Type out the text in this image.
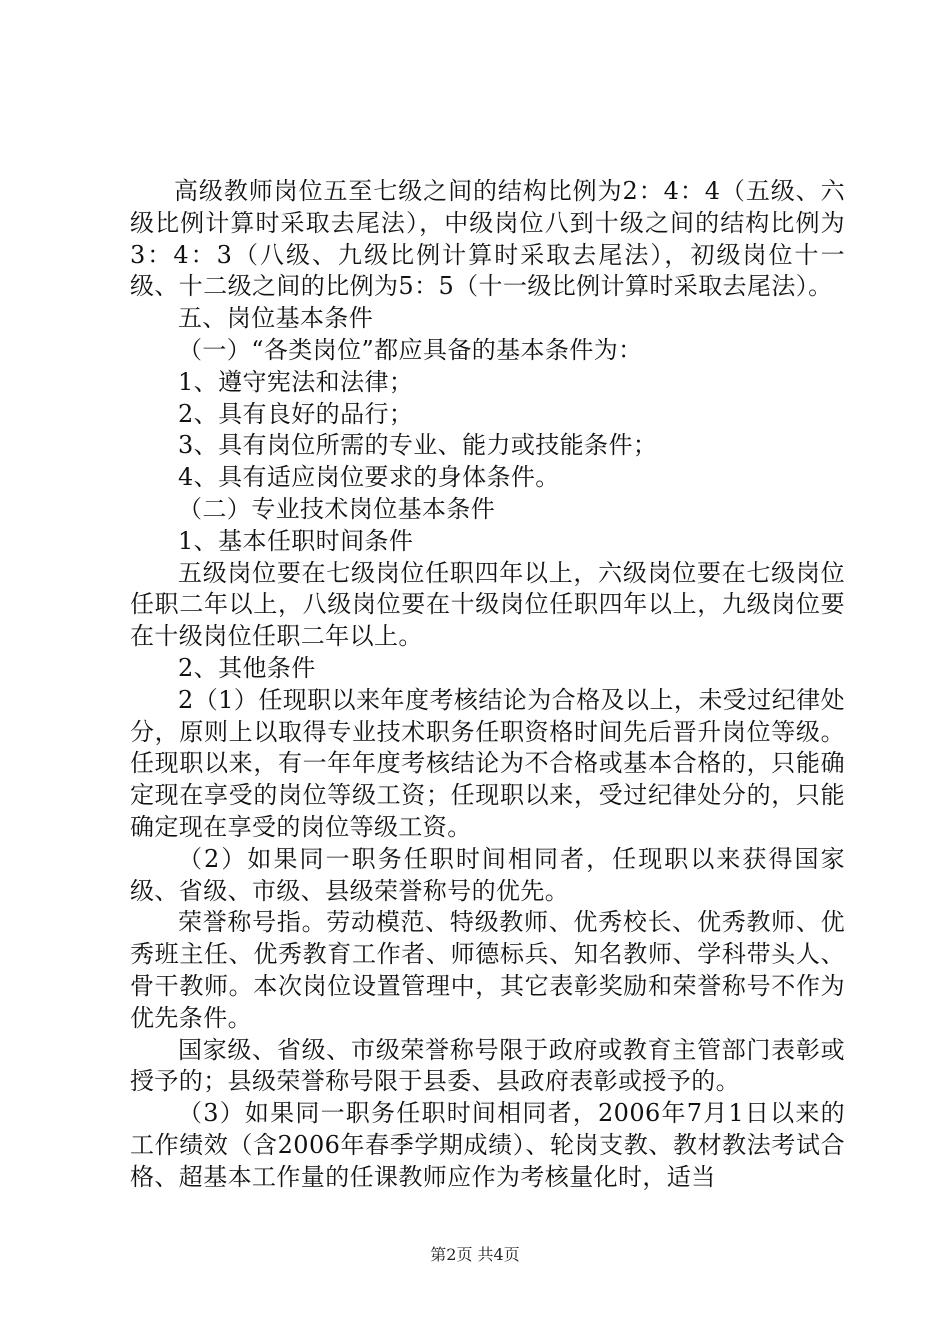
高级教师岗位五至七级之间的结构比例为2：4：4（五级、六级比例计算时采取去尾法），中级岗位八到十级之间的结构比例为3：4：3（八级、九级比例计算时采取去尾法），初级岗位十一级、十二级之间的比例为5：5（十一级比例计算时采取去尾法）。

五、岗位基本条件

（一）“各类岗位”都应具备的基本条件为：

1、遵守宪法和法律；

2、具有良好的品行；

3、具有岗位所需的专业、能力或技能条件；

4、具有适应岗位要求的身体条件。

（二）专业技术岗位基本条件

1、基本任职时间条件

五级岗位要在七级岗位任职四年以上，六级岗位要在七级岗位任职二年以上，八级岗位要在十级岗位任职四年以上，九级岗位要在十级岗位任职二年以上。

2、其他条件

2（1）任现职以来年度考核结论为合格及以上，未受过纪律处分，原则上以取得专业技术职务任职资格时间先后晋升岗位等级。任现职以来，有一年年度考核结论为不合格或基本合格的，只能确定现在享受的岗位等级工资；任现职以来，受过纪律处分的，只能确定现在享受的岗位等级工资。

（2）如果同一职务任职时间相同者，任现职以来获得国家级、省级、市级、县级荣誉称号的优先。

荣誉称号指。劳动模范、特级教师、优秀校长、优秀教师、优秀班主任、优秀教育工作者、师德标兵、知名教师、学科带头人、骨干教师。本次岗位设置管理中，其它表彰奖励和荣誉称号不作为优先条件。

国家级、省级、市级荣誉称号限于政府或教育主管部门表彰或授予的；县级荣誉称号限于县委、县政府表彰或授予的。

（3）如果同一职务任职时间相同者，2006年7月1日以来的工作绩效（含2006年春季学期成绩）、轮岗支教、教材教法考试合格、超基本工作量的任课教师应作为考核量化时，适当

第2页 共4页
